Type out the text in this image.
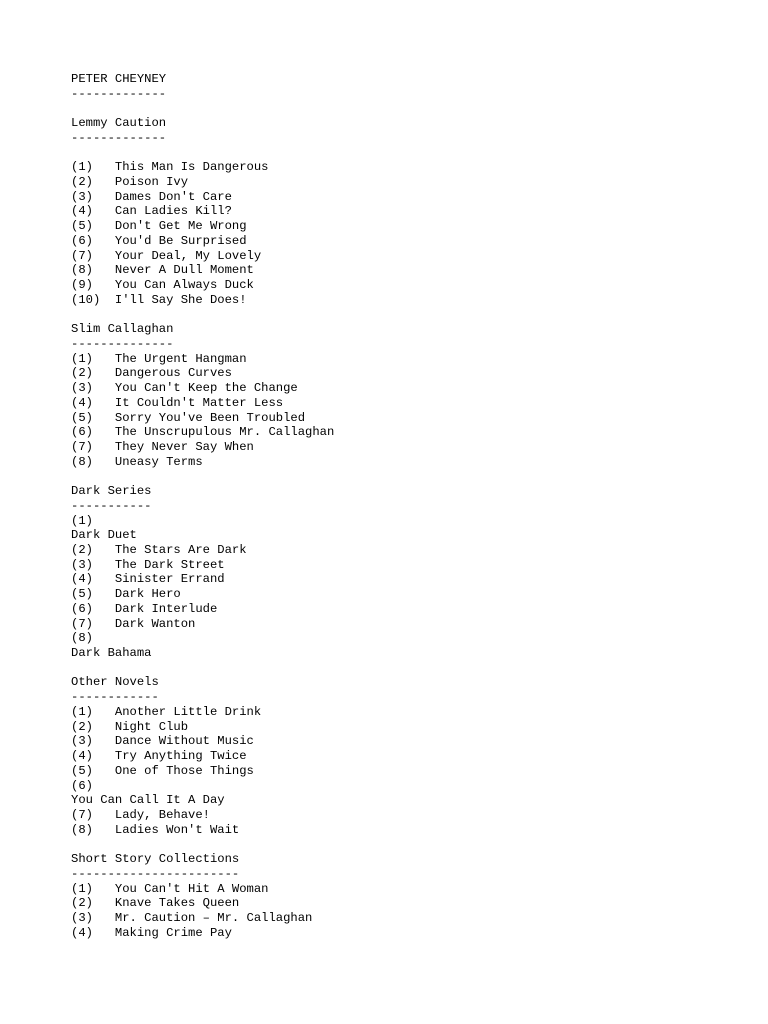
PETER CHEYNEY
-------------
Lemmy Caution
-------------
(1)   This Man Is Dangerous
(2)   Poison Ivy
(3)   Dames Don't Care
(4)   Can Ladies Kill?
(5)   Don't Get Me Wrong
(6)   You'd Be Surprised
(7)   Your Deal, My Lovely
(8)   Never A Dull Moment
(9)   You Can Always Duck
(10)  I'll Say She Does!
Slim Callaghan
--------------
(1)   The Urgent Hangman
(2)   Dangerous Curves
(3)   You Can't Keep the Change
(4)   It Couldn't Matter Less
(5)   Sorry You've Been Troubled
(6)   The Unscrupulous Mr. Callaghan
(7)   They Never Say When
(8)   Uneasy Terms
Dark Series
-----------
(1)
Dark Duet
(2)   The Stars Are Dark
(3)   The Dark Street
(4)   Sinister Errand
(5)   Dark Hero
(6)   Dark Interlude
(7)   Dark Wanton
(8)
Dark Bahama
Other Novels
------------
(1)   Another Little Drink
(2)   Night Club
(3)   Dance Without Music
(4)   Try Anything Twice
(5)   One of Those Things
(6)
You Can Call It A Day
(7)   Lady, Behave!
(8)   Ladies Won't Wait
Short Story Collections
-----------------------
(1)   You Can't Hit A Woman
(2)   Knave Takes Queen
(3)   Mr. Caution – Mr. Callaghan
(4)   Making Crime Pay
